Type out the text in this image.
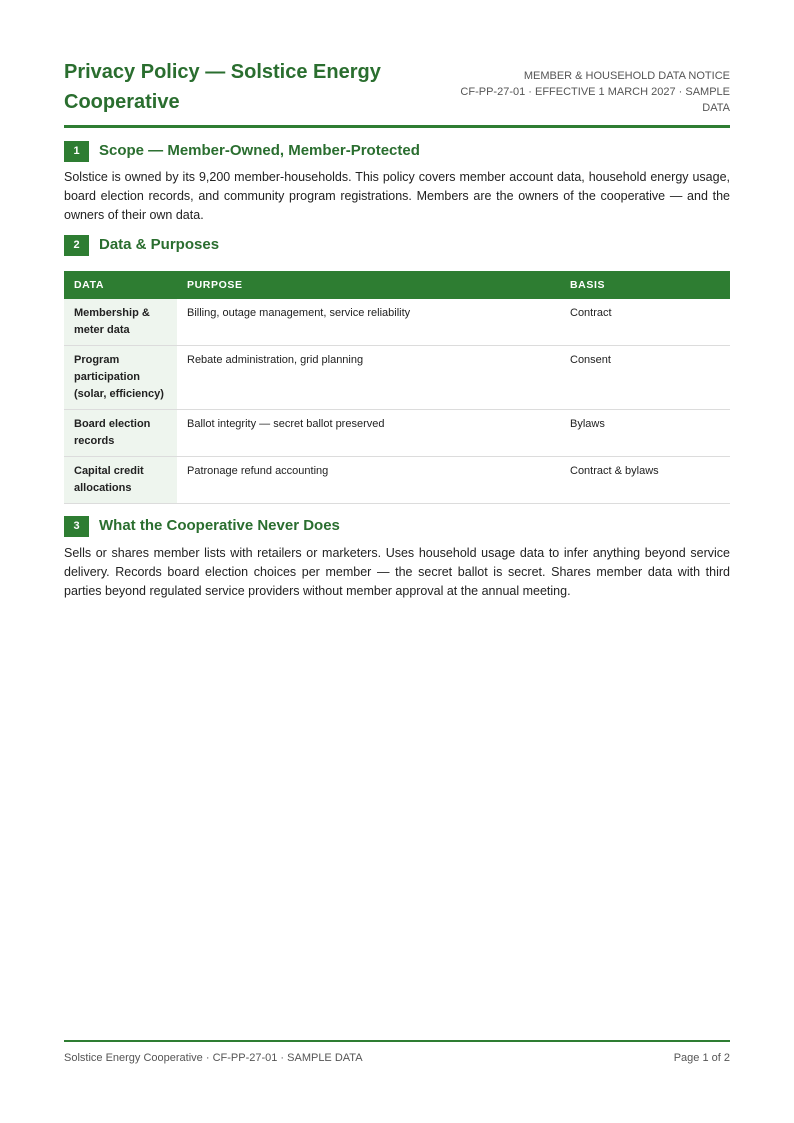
Privacy Policy — Solstice Energy Cooperative
MEMBER & HOUSEHOLD DATA NOTICE
CF-PP-27-01 · EFFECTIVE 1 MARCH 2027 · SAMPLE DATA
1	Scope — Member-Owned, Member-Protected

Solstice is owned by its 9,200 member-households. This policy covers member account data, household energy usage, board election records, and community program registrations. Members are the owners of the cooperative — and the owners of their own data.

2	Data & Purposes
DATA	PURPOSE	BASIS
Membership & meter data	Billing, outage management, service reliability	Contract
Program participation (solar, efficiency)	Rebate administration, grid planning	Consent
Board election records	Ballot integrity — secret ballot preserved	Bylaws
Capital credit allocations	Patronage refund accounting	Contract & bylaws
3	What the Cooperative Never Does

Sells or shares member lists with retailers or marketers. Uses household usage data to infer anything beyond service delivery. Records board election choices per member — the secret ballot is secret. Shares member data with third parties beyond regulated service providers without member approval at the annual meeting.

Solstice Energy Cooperative · CF-PP-27-01 · SAMPLE DATA	Page 1 of 2
